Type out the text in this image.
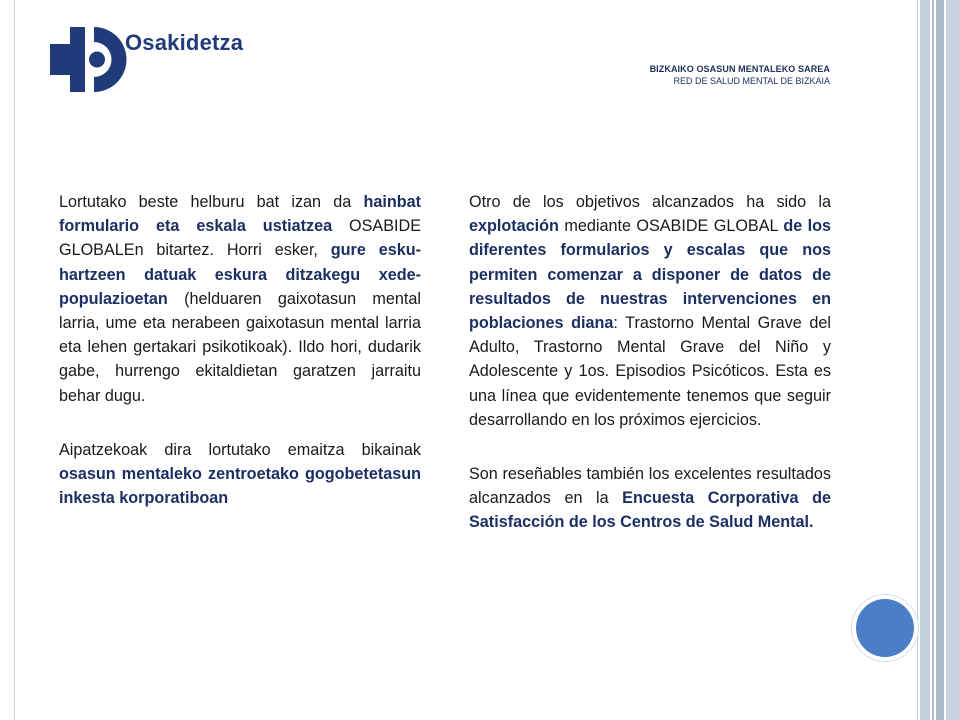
Osakidetza
BIZKAIKO OSASUN MENTALEKO SAREA
RED DE SALUD MENTAL DE BIZKAIA

Lortutako beste helburu bat izan da hainbat formulario eta eskala ustiatzea OSABIDE GLOBALEn bitartez. Horri esker, gure esku-hartzeen datuak eskura ditzakegu xede-populazioetan (helduaren gaixotasun mental larria, ume eta nerabeen gaixotasun mental larria eta lehen gertakari psikotikoak). Ildo hori, dudarik gabe, hurrengo ekitaldietan garatzen jarraitu behar dugu.

Aipatzekoak dira lortutako emaitza bikainak osasun mentaleko zentroetako gogobetetasun inkesta korporatiboan

Otro de los objetivos alcanzados ha sido la explotación mediante OSABIDE GLOBAL de los diferentes formularios y escalas que nos permiten comenzar a disponer de datos de resultados de nuestras intervenciones en poblaciones diana: Trastorno Mental Grave del Adulto, Trastorno Mental Grave del Niño y Adolescente y 1os. Episodios Psicóticos. Esta es una línea que evidentemente tenemos que seguir desarrollando en los próximos ejercicios.

Son reseñables también los excelentes resultados alcanzados en la Encuesta Corporativa de Satisfacción de los Centros de Salud Mental.
